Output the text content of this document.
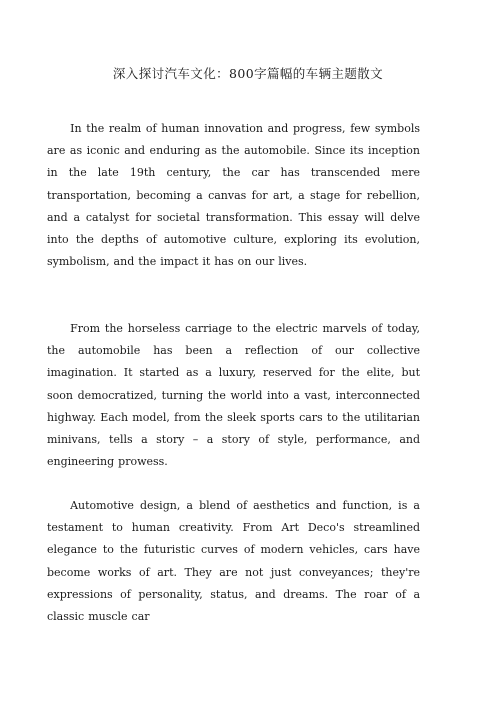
深入探讨汽车文化：800字篇幅的车辆主题散文

In the realm of human innovation and progress, few symbols are as iconic and enduring as the automobile. Since its inception in the late 19th century, the car has transcended mere transportation, becoming a canvas for art, a stage for rebellion, and a catalyst for societal transformation. This essay will delve into the depths of automotive culture, exploring its evolution, symbolism, and the impact it has on our lives.

From the horseless carriage to the electric marvels of today, the automobile has been a reflection of our collective imagination. It started as a luxury, reserved for the elite, but soon democratized, turning the world into a vast, interconnected highway. Each model, from the sleek sports cars to the utilitarian minivans, tells a story – a story of style, performance, and engineering prowess.

Automotive design, a blend of aesthetics and function, is a testament to human creativity. From Art Deco's streamlined elegance to the futuristic curves of modern vehicles, cars have become works of art. They are not just conveyances; they're expressions of personality, status, and dreams. The roar of a classic muscle car
